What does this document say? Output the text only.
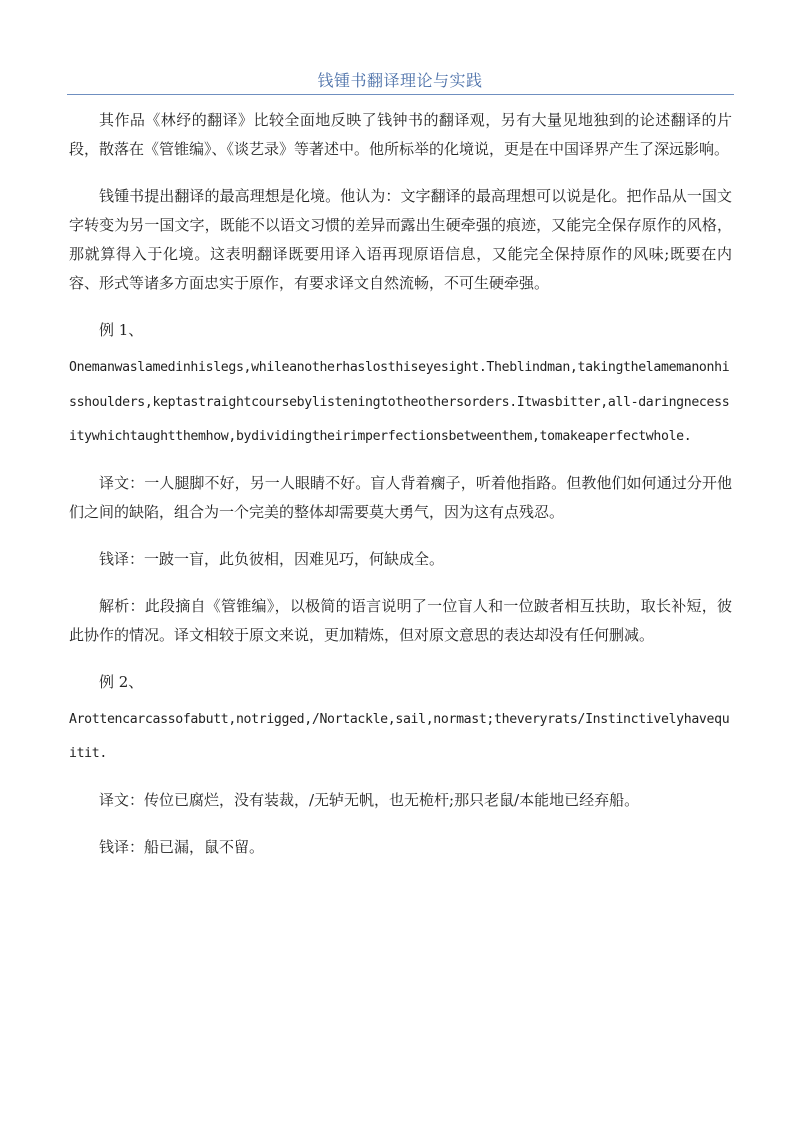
钱锺书翻译理论与实践

其作品《林纾的翻译》比较全面地反映了钱钟书的翻译观，另有大量见地独到的论述翻译的片段，散落在《管锥编》、《谈艺录》等著述中。他所标举的化境说，更是在中国译界产生了深远影响。

钱锺书提出翻译的最高理想是化境。他认为：文字翻译的最高理想可以说是化。把作品从一国文字转变为另一国文字，既能不以语文习惯的差异而露出生硬牵强的痕迹，又能完全保存原作的风格，那就算得入于化境。这表明翻译既要用译入语再现原语信息，又能完全保持原作的风味;既要在内容、形式等诸多方面忠实于原作，有要求译文自然流畅，不可生硬牵强。

例 1、

Onemanwaslamedinhislegs,whileanotherhaslosthiseyesight.Theblindman,takingthelamemanonhisshoulders,keptastraightcoursebylisteningtotheothersorders.Itwasbitter,all-daringnecessitywhichtaughtthemhow,bydividingtheirimperfectionsbetweenthem,tomakeaperfectwhole.

译文：一人腿脚不好，另一人眼睛不好。盲人背着瘸子，听着他指路。但教他们如何通过分开他们之间的缺陷，组合为一个完美的整体却需要莫大勇气，因为这有点残忍。

钱译：一跛一盲，此负彼相，因难见巧，何缺成全。

解析：此段摘自《管锥编》，以极简的语言说明了一位盲人和一位跛者相互扶助，取长补短，彼此协作的情况。译文相较于原文来说，更加精炼，但对原文意思的表达却没有任何删减。

例 2、

Arottencarcassofabutt,notrigged,/Nortackle,sail,normast;theveryrats/Instinctivelyhavequitit.

译文：传位已腐烂，没有装裁，/无轳无帆，也无桅杆;那只老鼠/本能地已经弃船。

钱译：船已漏，鼠不留。
